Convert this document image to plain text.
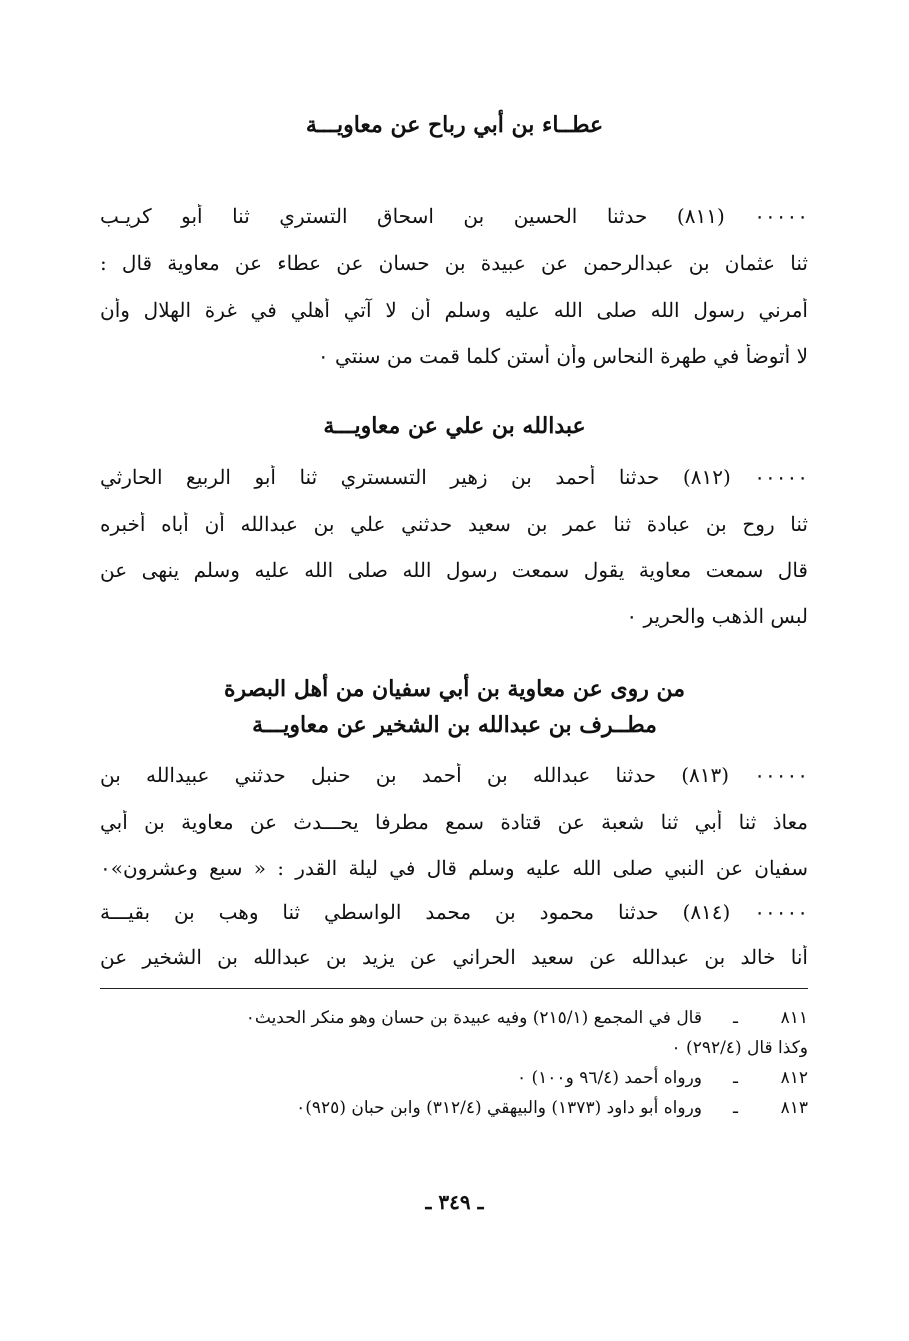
عطــاء بن أبي رباح عن معاويـــة
٠٠٠٠٠ (٨١١) حدثنا الحسين بن اسحاق التستري ثنا أبو كريـب
ثنا عثمان بن عبدالرحمن عن عبيدة بن حسان عن عطاء عن معاوية قال :
أمرني رسول الله صلى الله عليه وسلم أن لا آتي أهلي في غرة الهلال وأن
لا أتوضأ في طهرة النحاس وأن أستن كلما قمت من سنتي ٠
عبدالله بن علي عن معاويـــة
٠٠٠٠٠ (٨١٢) حدثنا أحمد بن زهير التسستري ثنا أبو الربيع الحارثي
ثنا روح بن عبادة ثنا عمر بن سعيد حدثني علي بن عبدالله أن أباه أخبره
قال سمعت معاوية يقول سمعت رسول الله صلى الله عليه وسلم ينهى عن
لبس الذهب والحرير ٠
من روى عن معاوية بن أبي سفيان من أهل البصرة
مطــرف بن عبدالله بن الشخير عن معاويـــة
٠٠٠٠٠ (٨١٣) حدثنا عبدالله بن أحمد بن حنبل حدثني عبيدالله بن
معاذ ثنا أبي ثنا شعبة عن قتادة سمع مطرفا يحـــدث عن معاوية بن أبي
سفيان عن النبي صلى الله عليه وسلم قال في ليلة القدر : « سبع وعشرون»٠
٠٠٠٠٠ (٨١٤) حدثنا محمود بن محمد الواسطي ثنا وهب بن بقيـــة
أنا خالد بن عبدالله عن سعيد الحراني عن يزيد بن عبدالله بن الشخير عن
٨١١ـقال في المجمع (٢١٥/١) وفيه عبيدة بن حسان وهو منكر الحديث٠
وكذا قال (٢٩٢/٤) ٠
٨١٢ـورواه أحمد (٩٦/٤ و١٠٠) ٠
٨١٣ـورواه أبو داود (١٣٧٣) والبيهقي (٣١٢/٤) وابن حبان (٩٢٥)٠
ـ ٣٤٩ ـ
